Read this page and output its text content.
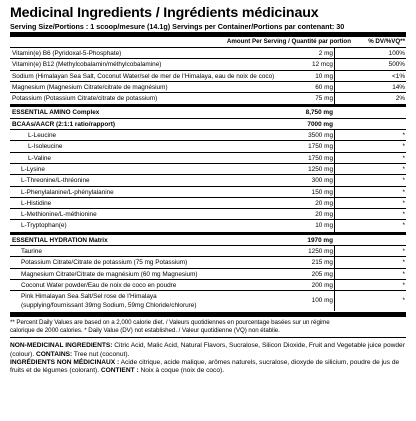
Medicinal Ingredients / Ingrédients médicinaux
Serving Size/Portions : 1 scoop/mesure (14.1g) Servings per Container/Portions par contenant: 30
Amount Per Serving / Quantité par portion	% DV/%VQ**
Vitamin(e) B6 (Pyridoxal-5-Phosphate)	2 mg	100%
Vitamin(e) B12 (Methylcobalamin/méthylcobalamine)	12 mcg	500%
Sodium (Himalayan Sea Salt, Coconut Water/sel de mer de l’Himalaya, eau de noix de coco)	10 mg	<1%
Magnesium (Magnesium Citrate/citrate de magnésium)	60 mg	14%
Potassium (Potassium Citrate/citrate de potassium)	75 mg	2%
ESSENTIAL AMINO Complex	8,750 mg
BCAAs/AACR (2:1:1 ratio/rapport)	7000 mg
L-Leucine	3500 mg	*
L-Isoleucine	1750 mg	*
L-Valine	1750 mg	*
L-Lysine	1250 mg	*
L-Threonine/L-thréonine	300 mg	*
L-Phenylalanine/L-phénylalanine	150 mg	*
L-Histidine	20 mg	*
L-Methionine/L-méthionine	20 mg	*
L-Tryptophan(e)	10 mg	*
ESSENTIAL HYDRATION Matrix	1970 mg
Taurine	1250 mg	*
Potassium Citrate/Citrate de potassium (75 mg Potassium)	215 mg	*
Magnesium Citrate/Citrate de magnésium (60 mg Magnesium)	205 mg	*
Coconut Water powder/Eau de noix de coco en poudre	200 mg	*
Pink Himalayan Sea Salt/Sel rose de l’Himalaya
(supplying/fournissant 39mg Sodium, 59mg Chloride/chlorure)
100 mg	*
** Percent Daily Values are based on a 2,000 calorie diet. / Valeurs quotidiennes en pourcentage basées sur un régime
calorique de 2000 calories. * Daily Value (DV) not established. / Valeur quotidienne (VQ) non établie.
NON-MEDICINAL INGREDIENTS: Citric Acid, Malic Acid, Natural Flavors, Sucralose, Silicon Dioxide, Fruit and Vegetable juice powder (colour). CONTAINS: Tree nut (coconut).
INGRÉDIENTS NON MÉDICINAUX : Acide citrique, acide malique, arômes naturels, sucralose, dioxyde de silicium, poudre de jus de fruits et de légumes (colorant). CONTIENT : Noix à coque (noix de coco).
